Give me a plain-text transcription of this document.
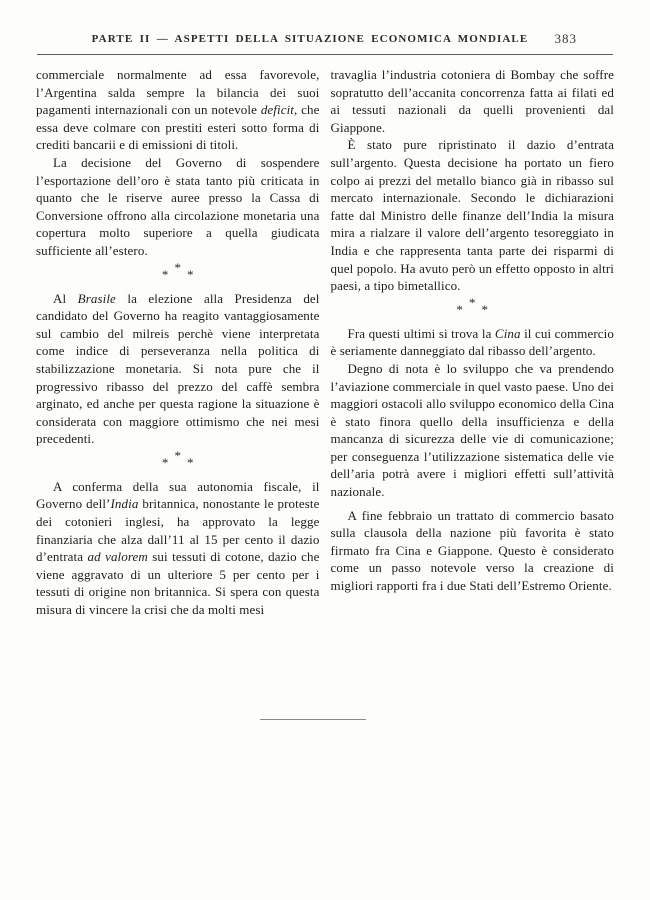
PARTE II — ASPETTI DELLA SITUAZIONE ECONOMICA MONDIALE	383

commerciale normalmente ad essa favorevole, l’Argentina salda sempre la bilancia dei suoi pagamenti internazionali con un notevole deficit, che essa deve colmare con prestiti esteri sotto forma di crediti bancarii e di emissioni di titoli.

La decisione del Governo di sospendere l’esportazione dell’oro è stata tanto più criticata in quanto che le riserve auree presso la Cassa di Conversione offrono alla circolazione monetaria una copertura molto superiore a quella giudicata sufficiente all’estero.

* * *

Al Brasile la elezione alla Presidenza del candidato del Governo ha reagito vantaggiosamente sul cambio del milreis perchè viene interpretata come indice di perseveranza nella politica di stabilizzazione monetaria. Si nota pure che il progressivo ribasso del prezzo del caffè sembra arginato, ed anche per questa ragione la situazione è considerata con maggiore ottimismo che nei mesi precedenti.

* * *

A conferma della sua autonomia fiscale, il Governo dell’India britannica, nonostante le proteste dei cotonieri inglesi, ha approvato la legge finanziaria che alza dall’11 al 15 per cento il dazio d’entrata ad valorem sui tessuti di cotone, dazio che viene aggravato di un ulteriore 5 per cento per i tessuti di origine non britannica. Si spera con questa misura di vincere la crisi che da molti mesi

travaglia l’industria cotoniera di Bombay che soffre sopratutto dell’accanita concorrenza fatta ai filati ed ai tessuti nazionali da quelli provenienti dal Giappone.

È stato pure ripristinato il dazio d’entrata sull’argento. Questa decisione ha portato un fiero colpo ai prezzi del metallo bianco già in ribasso sul mercato internazionale. Secondo le dichiarazioni fatte dal Ministro delle finanze dell’India la misura mira a rialzare il valore dell’argento tesoreggiato in India e che rappresenta tanta parte dei risparmi di quel popolo. Ha avuto però un effetto opposto in altri paesi, a tipo bimetallico.

* * *

Fra questi ultimi si trova la Cina il cui commercio è seriamente danneggiato dal ribasso dell’argento.

Degno di nota è lo sviluppo che va prendendo l’aviazione commerciale in quel vasto paese. Uno dei maggiori ostacoli allo sviluppo economico della Cina è stato finora quello della insufficienza e della mancanza di sicurezza delle vie di comunicazione; per conseguenza l’utilizzazione sistematica delle vie dell’aria potrà avere i migliori effetti sull’attività nazionale.

A fine febbraio un trattato di commercio basato sulla clausola della nazione più favorita è stato firmato fra Cina e Giappone. Questo è considerato come un passo notevole verso la creazione di migliori rapporti fra i due Stati dell’Estremo Oriente.
